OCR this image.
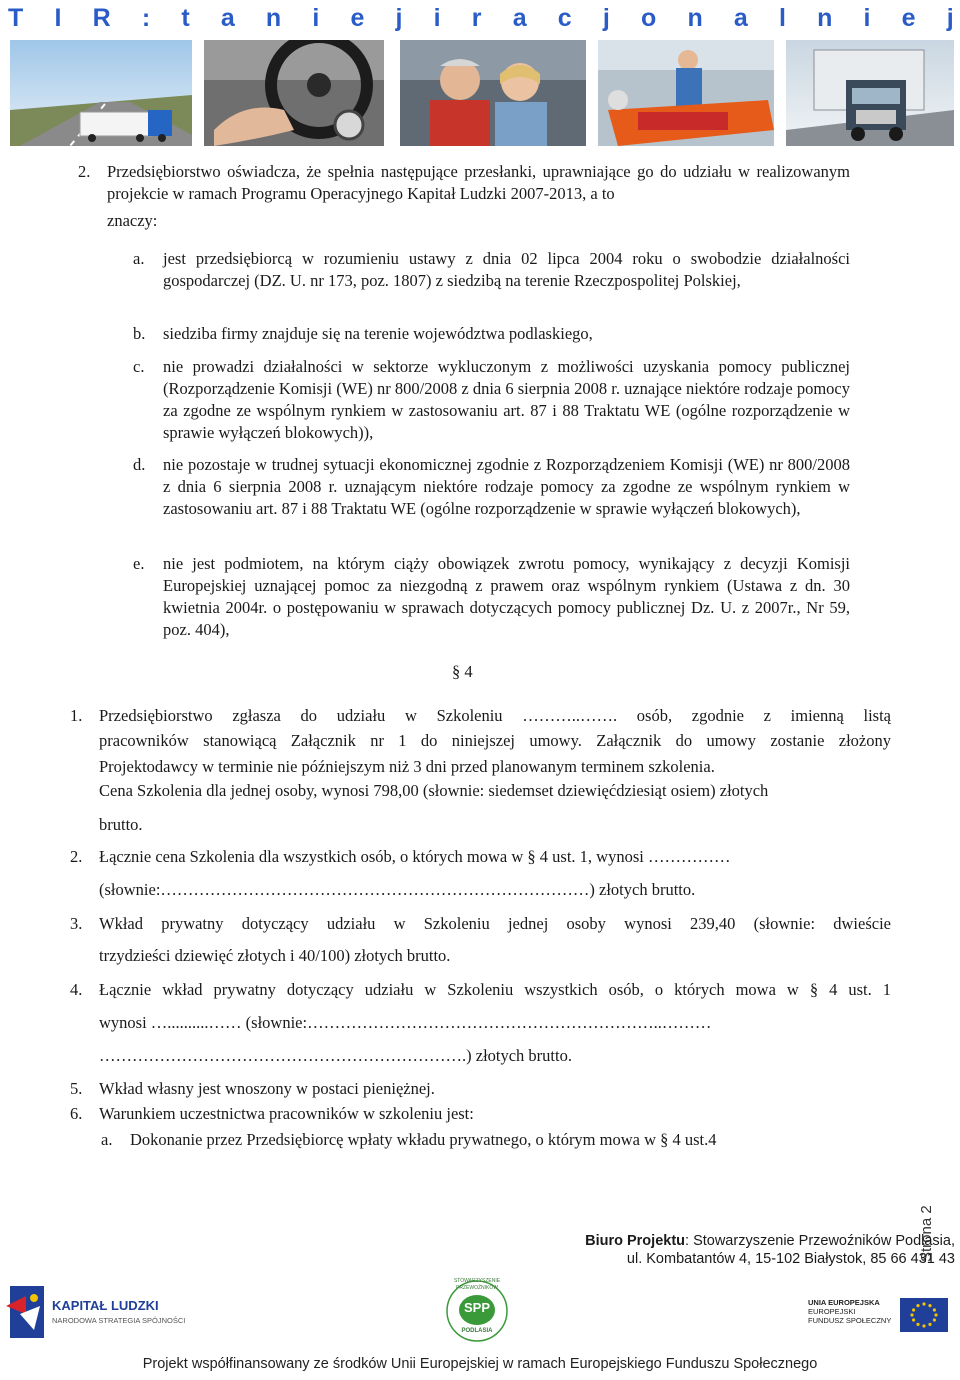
T I R : t a n i e j i r a c j o n a l n i e j
2. Przedsiębiorstwo oświadcza, że spełnia następujące przesłanki, uprawniające go do udziału w realizowanym projekcie w ramach Programu Operacyjnego Kapitał Ludzki 2007-2013, a to
znaczy:
a. jest przedsiębiorcą w rozumieniu ustawy z dnia 02 lipca 2004 roku o swobodzie działalności gospodarczej (DZ. U. nr 173, poz. 1807) z siedzibą na terenie Rzeczpospolitej Polskiej,
b. siedziba firmy znajduje się na terenie województwa podlaskiego,
c. nie prowadzi działalności w sektorze wykluczonym z możliwości uzyskania pomocy publicznej (Rozporządzenie Komisji (WE) nr 800/2008 z dnia 6 sierpnia 2008 r. uznające niektóre rodzaje pomocy za zgodne ze wspólnym rynkiem w zastosowaniu art. 87 i 88 Traktatu WE (ogólne rozporządzenie w sprawie wyłączeń blokowych)),
d. nie pozostaje w trudnej sytuacji ekonomicznej zgodnie z Rozporządzeniem Komisji (WE) nr 800/2008 z dnia 6 sierpnia 2008 r. uznającym niektóre rodzaje pomocy za zgodne ze wspólnym rynkiem w zastosowaniu art. 87 i 88 Traktatu WE (ogólne rozporządzenie w sprawie wyłączeń blokowych),
e. nie jest podmiotem, na którym ciąży obowiązek zwrotu pomocy, wynikający z decyzji Komisji Europejskiej uznającej pomoc za niezgodną z prawem oraz wspólnym rynkiem (Ustawa z dn. 30 kwietnia 2004r. o postępowaniu w sprawach dotyczących pomocy publicznej Dz. U. z 2007r., Nr 59, poz. 404),
§ 4
1. Przedsiębiorstwo zgłasza do udziału w Szkoleniu ………..……. osób, zgodnie z imienną listą
pracowników stanowiącą Załącznik nr 1 do niniejszej umowy. Załącznik do umowy zostanie złożony
Projektodawcy w terminie nie późniejszym niż 3 dni przed planowanym terminem szkolenia.
Cena Szkolenia dla jednej osoby, wynosi 798,00 (słownie: siedemset dziewięćdziesiąt osiem) złotych
brutto.
2. Łącznie cena Szkolenia dla wszystkich osób, o których mowa w § 4 ust. 1, wynosi ……………
(słownie:……………………………………………………………………) złotych brutto.
3. Wkład prywatny dotyczący udziału w Szkoleniu jednej osoby wynosi 239,40 (słownie: dwieście
trzydzieści dziewięć złotych i 40/100) złotych brutto.
4. Łącznie wkład prywatny dotyczący udziału w Szkoleniu wszystkich osób, o których mowa w § 4 ust. 1
wynosi …..........…… (słownie:………………………………………………………..………
………………………………………………………….) złotych brutto.
5. Wkład własny jest wnoszony w postaci pieniężnej.
6. Warunkiem uczestnictwa pracowników w szkoleniu jest:
a. Dokonanie przez Przedsiębiorcę wpłaty wkładu prywatnego, o którym mowa w § 4 ust.4
Strona 2
Biuro Projektu: Stowarzyszenie Przewoźników Podlasia,
ul. Kombatantów 4, 15-102 Białystok, 85 66 431 43
KAPITAŁ LUDZKI
NARODOWA STRATEGIA SPÓJNOŚCI
STOWARZYSZENIE PRZEWOŹNIKÓW
SPP
PODLASIA
UNIA EUROPEJSKA
EUROPEJSKI
FUNDUSZ SPOŁECZNY
Projekt współfinansowany ze środków Unii Europejskiej w ramach Europejskiego Funduszu Społecznego
